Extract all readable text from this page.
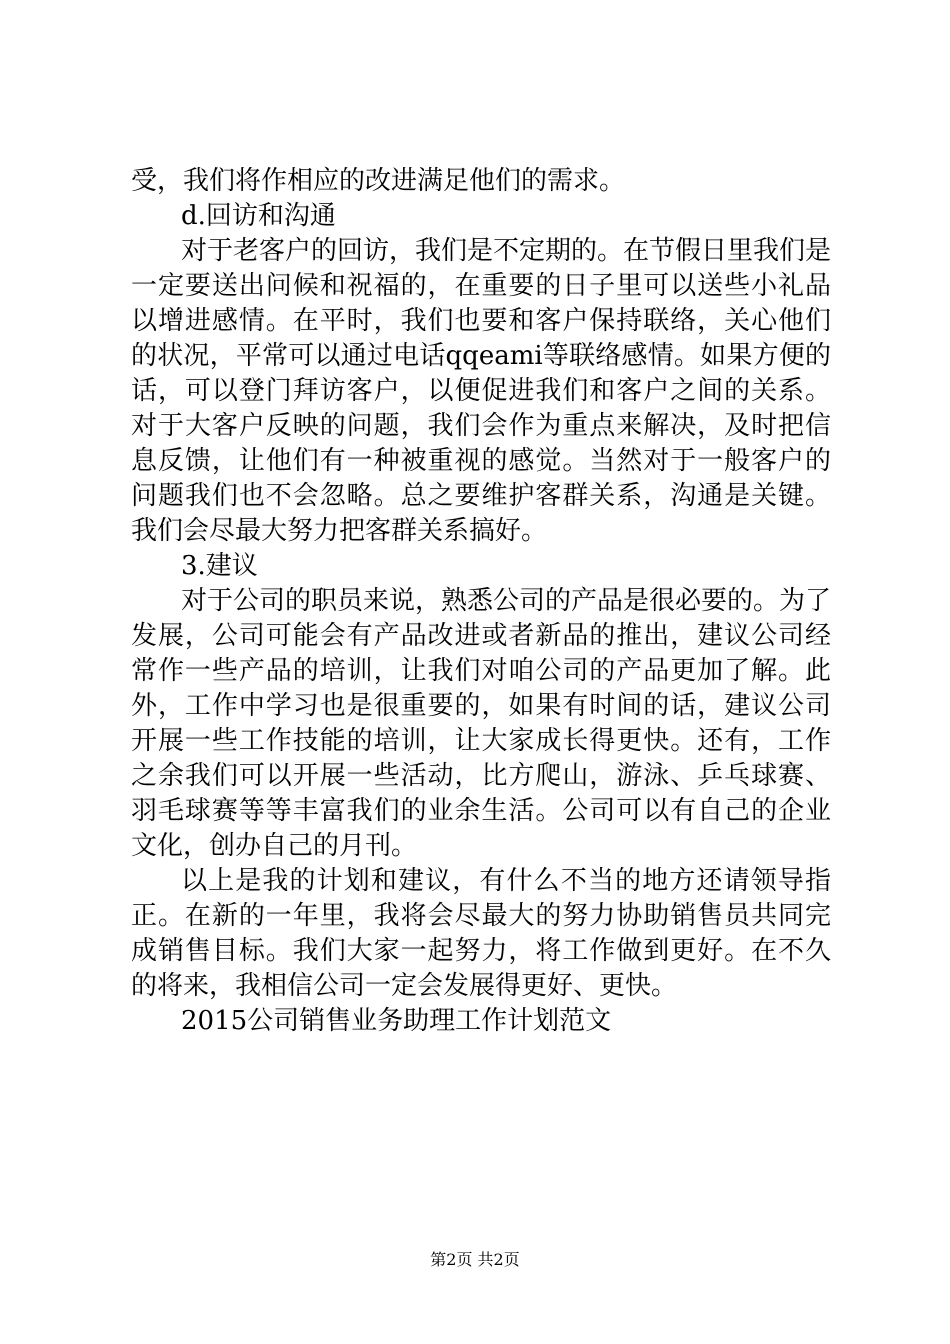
受，我们将作相应的改进满足他们的需求。

d.回访和沟通

对于老客户的回访，我们是不定期的。在节假日里我们是一定要送出问候和祝福的，在重要的日子里可以送些小礼品以增进感情。在平时，我们也要和客户保持联络，关心他们的状况，平常可以通过电话qqeami等联络感情。如果方便的话，可以登门拜访客户，以便促进我们和客户之间的关系。对于大客户反映的问题，我们会作为重点来解决，及时把信息反馈，让他们有一种被重视的感觉。当然对于一般客户的问题我们也不会忽略。总之要维护客群关系，沟通是关键。我们会尽最大努力把客群关系搞好。

3.建议

对于公司的职员来说，熟悉公司的产品是很必要的。为了发展，公司可能会有产品改进或者新品的推出，建议公司经常作一些产品的培训，让我们对咱公司的产品更加了解。此外，工作中学习也是很重要的，如果有时间的话，建议公司开展一些工作技能的培训，让大家成长得更快。还有，工作之余我们可以开展一些活动，比方爬山，游泳、乒乓球赛、羽毛球赛等等丰富我们的业余生活。公司可以有自己的企业文化，创办自己的月刊。

以上是我的计划和建议，有什么不当的地方还请领导指正。在新的一年里，我将会尽最大的努力协助销售员共同完成销售目标。我们大家一起努力，将工作做到更好。在不久的将来，我相信公司一定会发展得更好、更快。

2015公司销售业务助理工作计划范文

第2页 共2页
